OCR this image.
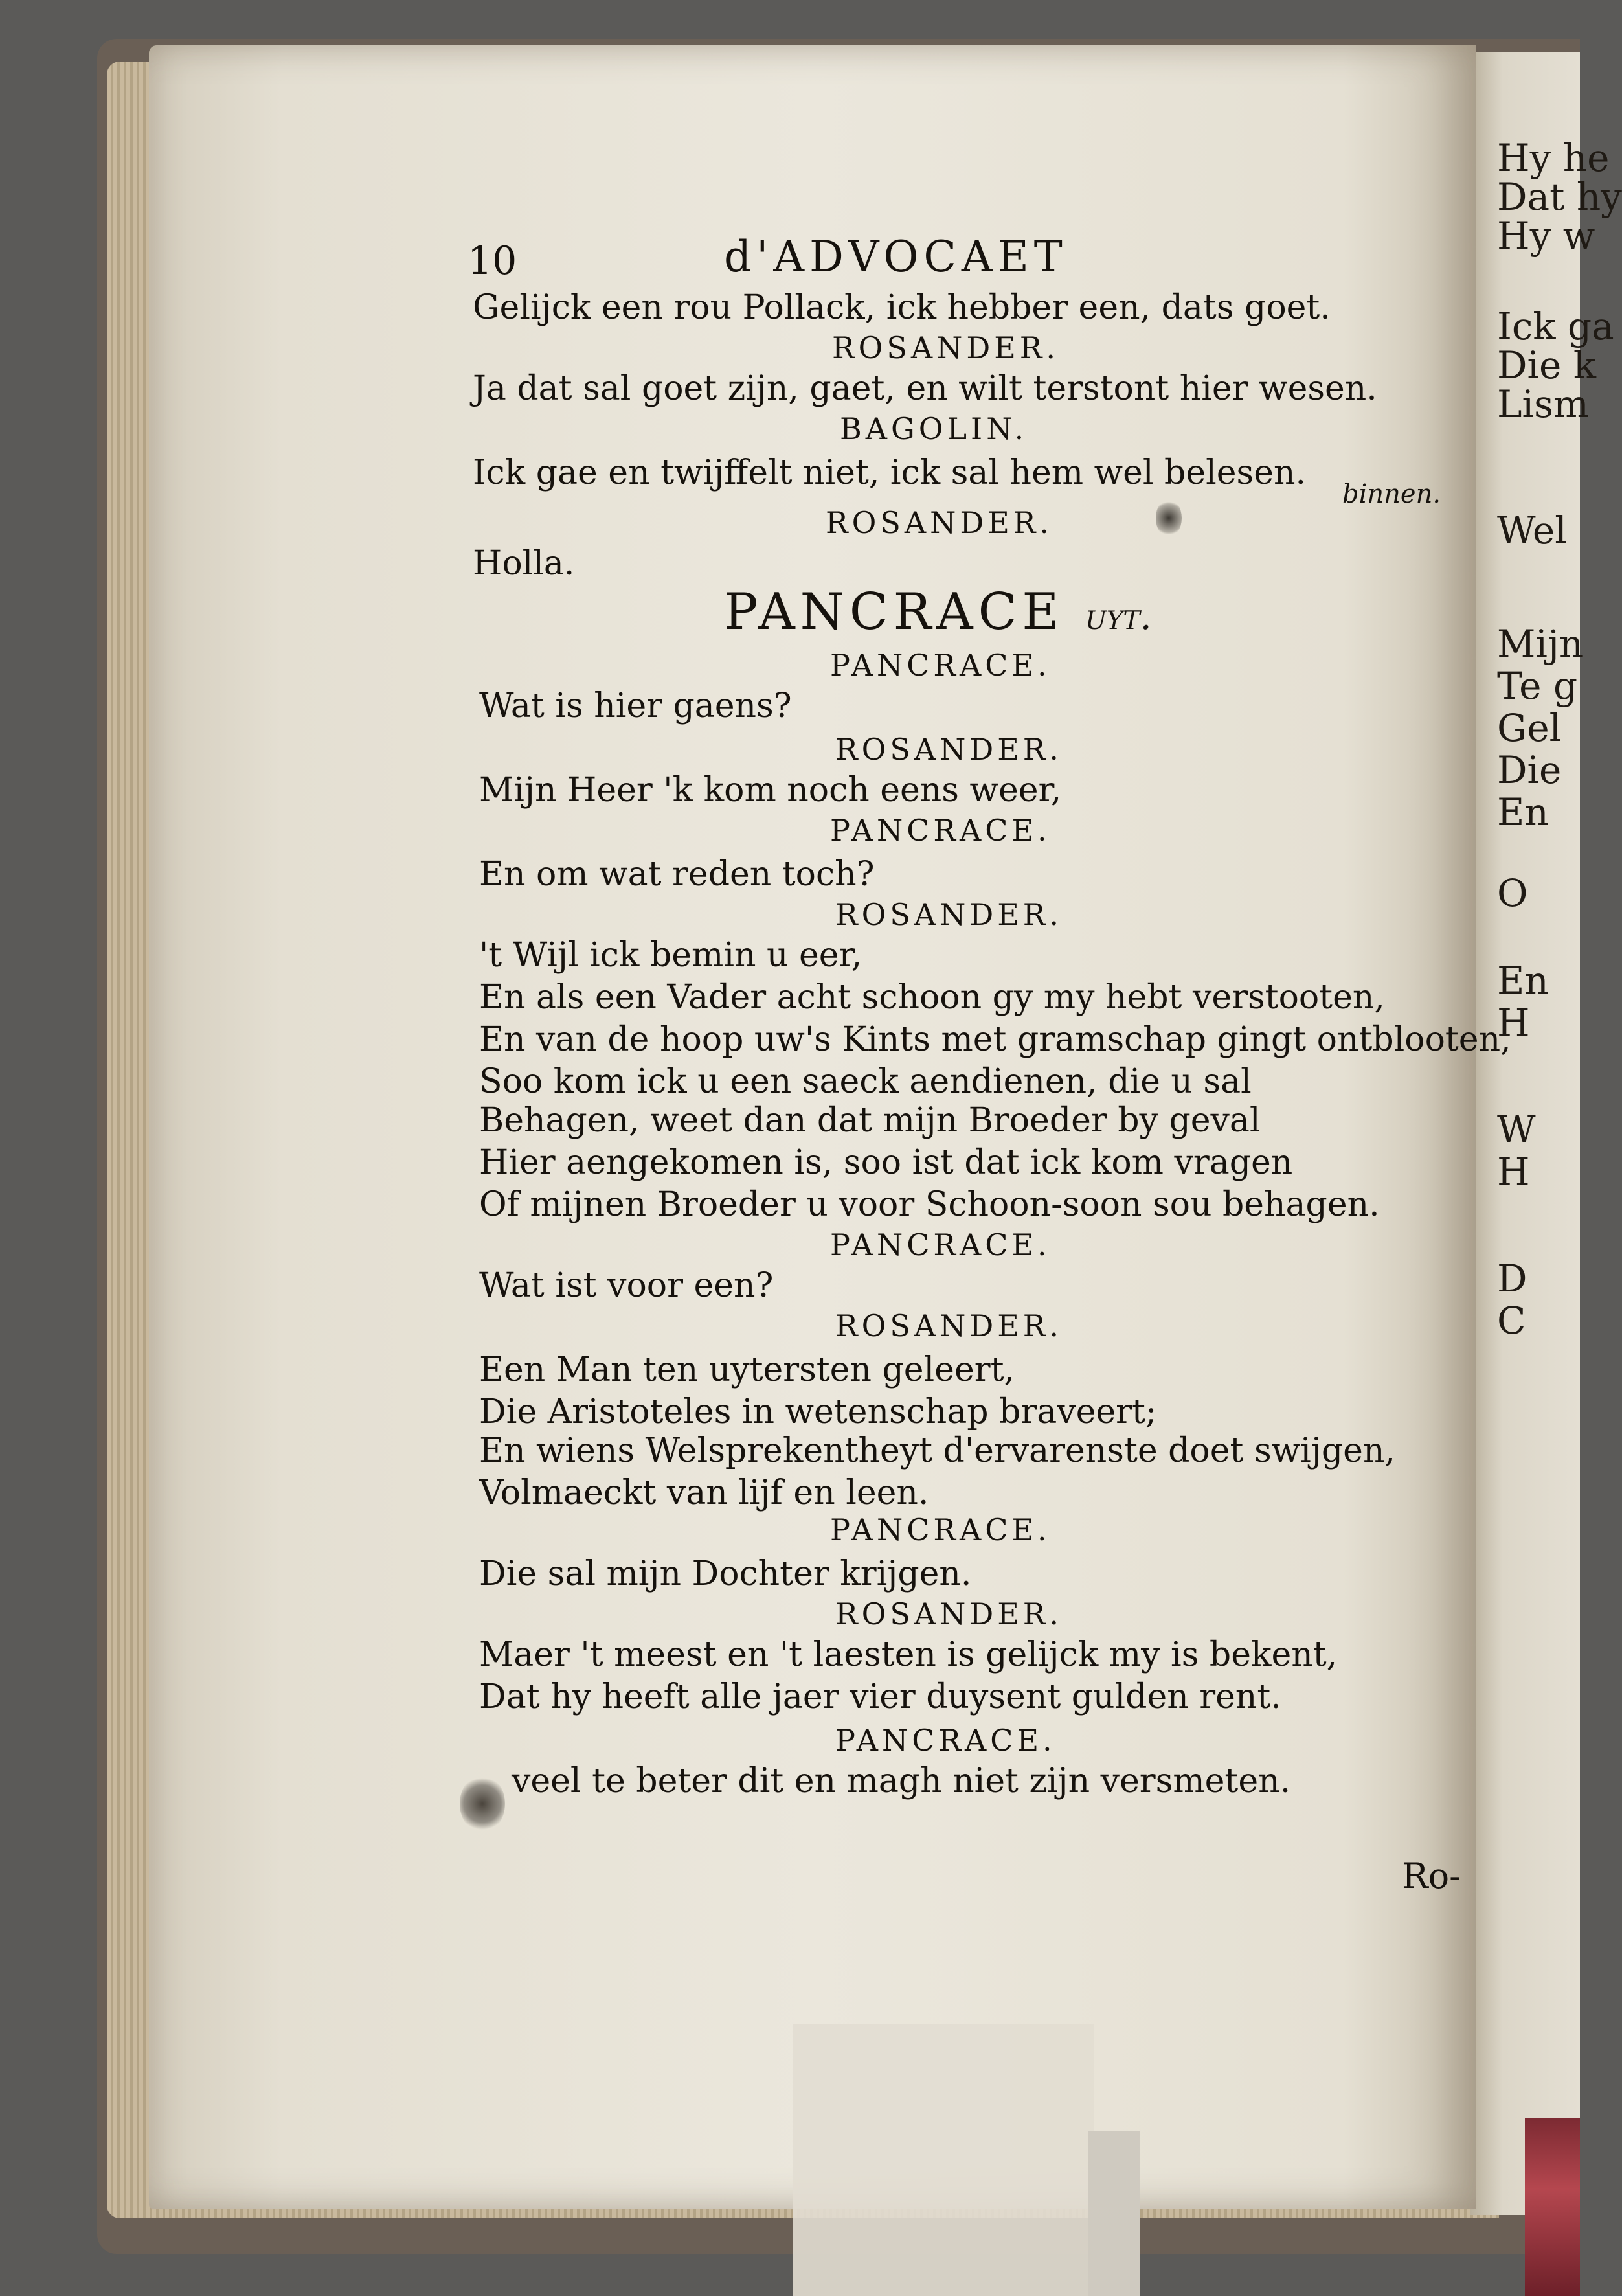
Hy he
Dat hy
Hy w
Ick ga
Die k
Lism
Wel
Mijn
Te g
Gel
Die
En
O
En
H
W
H
D
C
10	d'ADVOCAET
binnen.
PANCRACE uyt.
Gelijck een rou Pollack, ick hebber een, dats goet.
ROSANDER.
Ja dat sal goet zijn, gaet, en wilt terstont hier wesen.
BAGOLIN.
Ick gae en twijffelt niet, ick sal hem wel belesen.
ROSANDER.
Holla.
PANCRACE.
Wat is hier gaens?
ROSANDER.
Mijn Heer 'k kom noch eens weer,
PANCRACE.
En om wat reden toch?
ROSANDER.
't Wijl ick bemin u eer,
En als een Vader acht schoon gy my hebt verstooten,
En van de hoop uw's Kints met gramschap gingt ontblooten,
Soo kom ick u een saeck aendienen, die u sal
Behagen, weet dan dat mijn Broeder by geval
Hier aengekomen is, soo ist dat ick kom vragen
Of mijnen Broeder u voor Schoon-soon sou behagen.
PANCRACE.
Wat ist voor een?
ROSANDER.
Een Man ten uytersten geleert,
Die Aristoteles in wetenschap braveert;
En wiens Welsprekentheyt d'ervarenste doet swijgen,
Volmaeckt van lijf en leen.
PANCRACE.
Die sal mijn Dochter krijgen.
ROSANDER.
Maer 't meest en 't laesten is gelijck my is bekent,
Dat hy heeft alle jaer vier duysent gulden rent.
PANCRACE.
veel te beter dit en magh niet zijn versmeten.
Ro-
